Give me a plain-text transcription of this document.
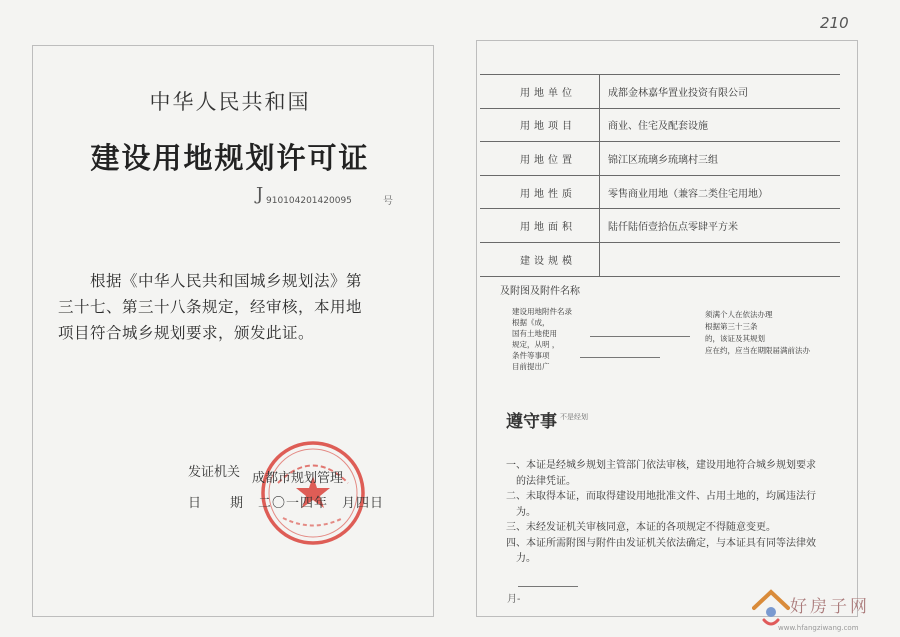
210
中华人民共和国
建设用地规划许可证
J 910104201420095	号
根据《中华人民共和国城乡规划法》第
三十七、第三十八条规定，经审核，本用地
项目符合城乡规划要求，颁发此证。
发证机关 成都市规划管理
日　期 二〇一四年　月四日
用地单位	成都金林嘉华置业投资有限公司
用地项目	商业、住宅及配套设施
用地位置	锦江区琉璃乡琉璃村三组
用地性质	零售商业用地（兼容二类住宅用地）
用地面积	陆仟陆佰壹拾伍点零肆平方米
建设规模
及附图及附件名称
建设用地附件名录
根据《成，
国有土地使用
规定，从明 ，
条件等事项
目前提出广
须满个人在依法办理
根据第三十三条
的，该证及其规划
应在约，应当在期限届满前法办
遵守事 不是经划
一、本证是经城乡规划主管部门依法审核，建设用地符合城乡规划要求
的法律凭证。
二、未取得本证，而取得建设用地批准文件、占用土地的，均属违法行
为。
三、未经发证机关审核同意，本证的各项规定不得随意变更。
四、本证所需附图与附件由发证机关依法确定，与本证具有同等法律效
力。
月-	好房子网
www.hfangziwang.com
